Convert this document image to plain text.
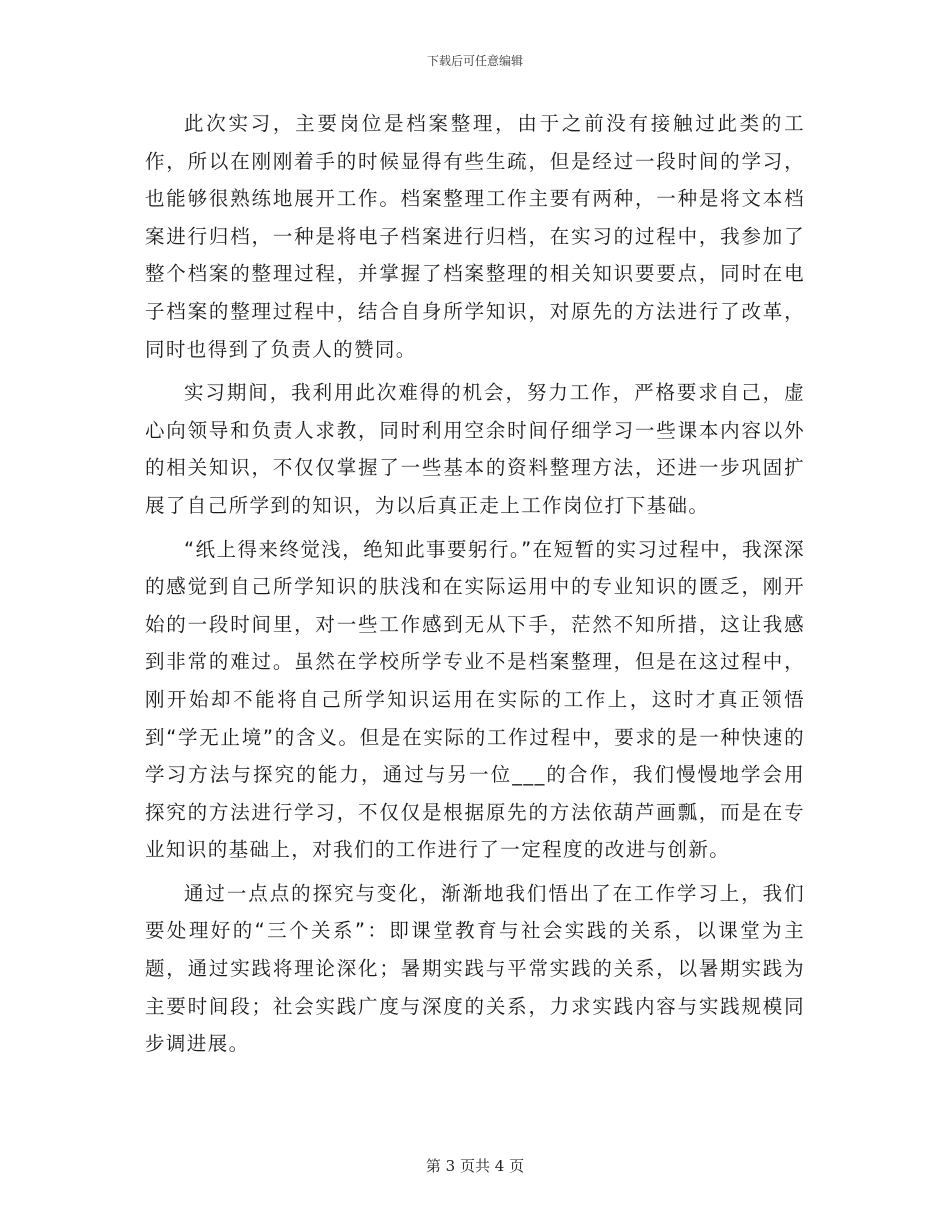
下载后可任意编辑

此次实习，主要岗位是档案整理，由于之前没有接触过此类的工作，所以在刚刚着手的时候显得有些生疏，但是经过一段时间的学习，也能够很熟练地展开工作。档案整理工作主要有两种，一种是将文本档案进行归档，一种是将电子档案进行归档，在实习的过程中，我参加了整个档案的整理过程，并掌握了档案整理的相关知识要要点，同时在电子档案的整理过程中，结合自身所学知识，对原先的方法进行了改革，同时也得到了负责人的赞同。

实习期间，我利用此次难得的机会，努力工作，严格要求自己，虚心向领导和负责人求教，同时利用空余时间仔细学习一些课本内容以外的相关知识，不仅仅掌握了一些基本的资料整理方法，还进一步巩固扩展了自己所学到的知识，为以后真正走上工作岗位打下基础。

“纸上得来终觉浅，绝知此事要躬行。”在短暂的实习过程中，我深深的感觉到自己所学知识的肤浅和在实际运用中的专业知识的匮乏，刚开始的一段时间里，对一些工作感到无从下手，茫然不知所措，这让我感到非常的难过。虽然在学校所学专业不是档案整理，但是在这过程中，刚开始却不能将自己所学知识运用在实际的工作上，这时才真正领悟到“学无止境”的含义。但是在实际的工作过程中，要求的是一种快速的学习方法与探究的能力，通过与另一位___的合作，我们慢慢地学会用探究的方法进行学习，不仅仅是根据原先的方法依葫芦画瓢，而是在专业知识的基础上，对我们的工作进行了一定程度的改进与创新。

通过一点点的探究与变化，渐渐地我们悟出了在工作学习上，我们要处理好的“三个关系”：即课堂教育与社会实践的关系，以课堂为主题，通过实践将理论深化；暑期实践与平常实践的关系，以暑期实践为主要时间段；社会实践广度与深度的关系，力求实践内容与实践规模同步调进展。

第 3 页共 4 页
